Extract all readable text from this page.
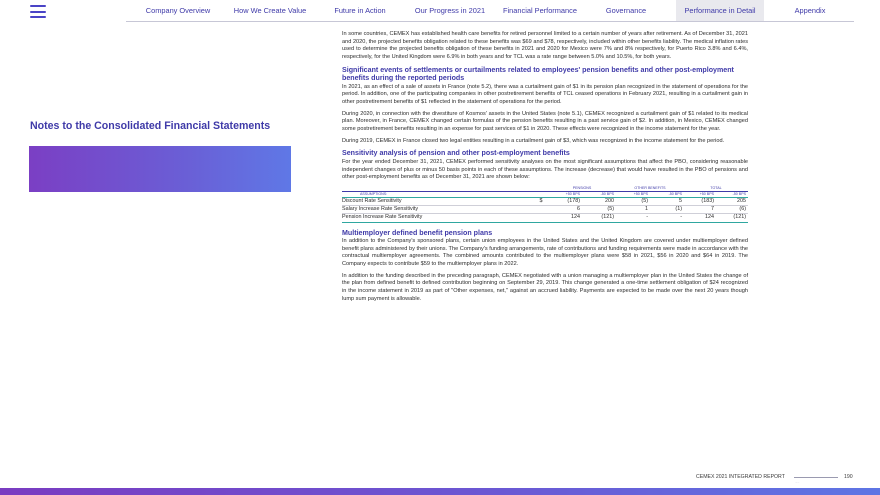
Company Overview	How We Create Value	Future in Action	Our Progress in 2021	Financial Performance	Governance	Performance in Detail	Appendix
Notes to the Consolidated Financial Statements

In some countries, CEMEX has established health care benefits for retired personnel limited to a certain number of years after retirement. As of December 31, 2021 and 2020, the projected benefits obligation related to these benefits was $69 and $78, respectively, included within other benefits liability. The medical inflation rates used to determine the projected benefits obligation of these benefits in 2021 and 2020 for Mexico were 7% and 8% respectively, for Puerto Rico 3.8% and 6.4%, respectively, for the United Kingdom were 6.9% in both years and for TCL was a rate range between 5.0% and 10.5%, for both years.

Significant events of settlements or curtailments related to employees' pension benefits and other post-employment benefits during the reported periods

In 2021, as an effect of a sale of assets in France (note 5.2), there was a curtailment gain of $1 in its pension plan recognized in the statement of operations for the period. In addition, one of the participating companies in other postretirement benefits of TCL ceased operations in February 2021, resulting in a curtailment gain in other postretirement benefits of $1 reflected in the statement of operations for the period.

During 2020, in connection with the divestiture of Kosmos' assets in the United States (note 5.1), CEMEX recognized a curtailment gain of $1 related to its medical plan. Moreover, in France, CEMEX changed certain formulas of the pension benefits resulting in a past service gain of $2. In addition, in Mexico, CEMEX changed some postretirement benefits resulting in an expense for past services of $1 in 2020. These effects were recognized in the income statement for the year.

During 2019, CEMEX in France closed two legal entities resulting in a curtailment gain of $3, which was recognized in the income statement for the period.

Sensitivity analysis of pension and other post-employment benefits

For the year ended December 31, 2021, CEMEX performed sensitivity analyses on the most significant assumptions that affect the PBO, considering reasonable independent changes of plus or minus 50 basis points in each of these assumptions. The increase (decrease) that would have resulted in the PBO of pensions and other post-employment benefits as of December 31, 2021 are shown below:

		PENSIONS		OTHER BENEFITS		TOTAL	
ASSUMPTIONS:		+50 BPS	-50 BPS	+50 BPS	-50 BPS	+50 BPS	-50 BPS
Discount Rate Sensitivity	$	(178)	200	(5)	5	(183)	205
Salary Increase Rate Sensitivity		6	(5)	1	(1)	7	(6)
Pension Increase Rate Sensitivity		124	(121)	-	-	124	(121)
Multiemployer defined benefit pension plans

In addition to the Company's sponsored plans, certain union employees in the United States and the United Kingdom are covered under multiemployer defined benefit plans administered by their unions. The Company's funding arrangements, rate of contributions and funding requirements were made in accordance with the contractual multiemployer agreements. The combined amounts contributed to the multiemployer plans were $58 in 2021, $56 in 2020 and $64 in 2019. The Company expects to contribute $59 to the multiemployer plans in 2022.

In addition to the funding described in the preceding paragraph, CEMEX negotiated with a union managing a multiemployer plan in the United States the change of the plan from defined benefit to defined contribution beginning on September 29, 2019. This change generated a one-time settlement obligation of $24 recognized in the income statement in 2019 as part of "Other expenses, net," against an accrued liability. Payments are expected to be made over the next 20 years though lump sum payment is allowable.

CEMEX 2021 INTEGRATED REPORT
......
190
